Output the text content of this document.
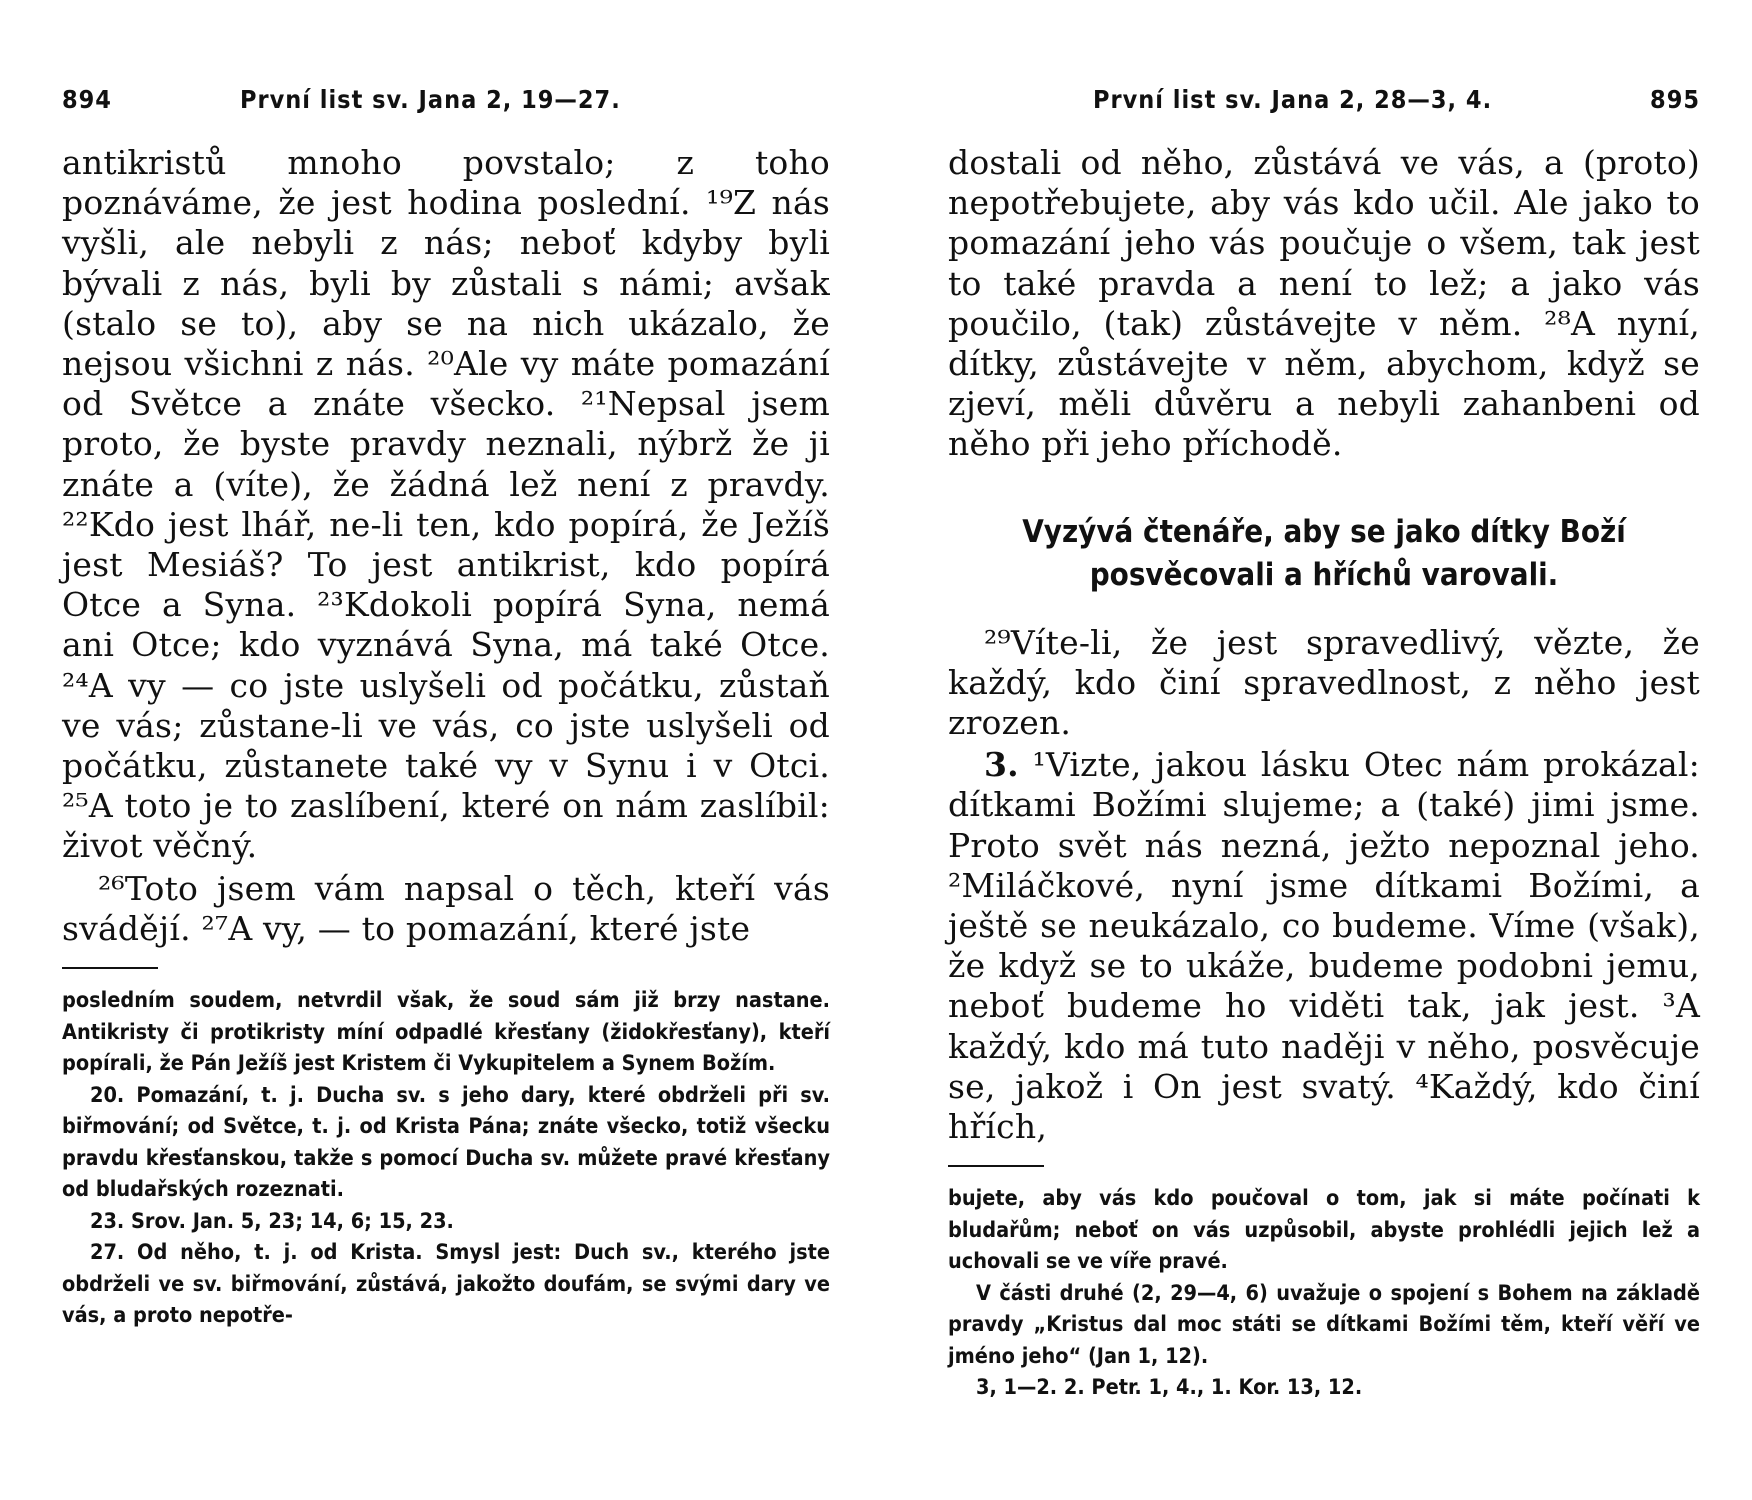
894	První list sv. Jana 2, 19—27.

antikristů mnoho povstalo; z toho poznáváme, že jest hodina poslední. ¹⁹Z nás vyšli, ale nebyli z nás; neboť kdyby byli bývali z nás, byli by zůstali s námi; avšak (stalo se to), aby se na nich ukázalo, že nejsou všichni z nás. ²⁰Ale vy máte pomazání od Světce a znáte všecko. ²¹Nepsal jsem proto, že byste pravdy neznali, nýbrž že ji znáte a (víte), že žádná lež není z pravdy. ²²Kdo jest lhář, ne-li ten, kdo popírá, že Ježíš jest Mesiáš? To jest antikrist, kdo popírá Otce a Syna. ²³Kdokoli popírá Syna, nemá ani Otce; kdo vyznává Syna, má také Otce. ²⁴A vy — co jste uslyšeli od počátku, zůstaň ve vás; zůstane-li ve vás, co jste uslyšeli od počátku, zůstanete také vy v Synu i v Otci. ²⁵A toto je to zaslíbení, které on nám zaslíbil: život věčný.

²⁶Toto jsem vám napsal o těch, kteří vás svádějí. ²⁷A vy, — to pomazání, které jste

posledním soudem, netvrdil však, že soud sám již brzy nastane. Antikristy či protikristy míní odpadlé křesťany (židokřesťany), kteří popírali, že Pán Ježíš jest Kristem či Vykupitelem a Synem Božím.

20. Pomazání, t. j. Ducha sv. s jeho dary, které obdrželi při sv. biřmování; od Světce, t. j. od Krista Pána; znáte všecko, totiž všecku pravdu křesťanskou, takže s pomocí Ducha sv. můžete pravé křesťany od bludařských rozeznati.

23. Srov. Jan. 5, 23; 14, 6; 15, 23.

27. Od něho, t. j. od Krista. Smysl jest: Duch sv., kterého jste obdrželi ve sv. biřmování, zůstává, jakožto doufám, se svými dary ve vás, a proto nepotře-

První list sv. Jana 2, 28—3, 4.	895

dostali od něho, zůstává ve vás, a (proto) nepotřebujete, aby vás kdo učil. Ale jako to pomazání jeho vás poučuje o všem, tak jest to také pravda a není to lež; a jako vás poučilo, (tak) zůstávejte v něm. ²⁸A nyní, dítky, zůstávejte v něm, abychom, když se zjeví, měli důvěru a nebyli zahanbeni od něho při jeho příchodě.

Vyzývá čtenáře, aby se jako dítky Boží posvěcovali a hříchů varovali.

²⁹Víte-li, že jest spravedlivý, vězte, že každý, kdo činí spravedlnost, z něho jest zrozen.

3. ¹Vizte, jakou lásku Otec nám prokázal: dítkami Božími slujeme; a (také) jimi jsme. Proto svět nás nezná, ježto nepoznal jeho. ²Miláčkové, nyní jsme dítkami Božími, a ještě se neukázalo, co budeme. Víme (však), že když se to ukáže, budeme podobni jemu, neboť budeme ho viděti tak, jak jest. ³A každý, kdo má tuto naději v něho, posvěcuje se, jakož i On jest svatý. ⁴Každý, kdo činí hřích,

bujete, aby vás kdo poučoval o tom, jak si máte počínati k bludařům; neboť on vás uzpůsobil, abyste prohlédli jejich lež a uchovali se ve víře pravé.

V části druhé (2, 29—4, 6) uvažuje o spojení s Bohem na základě pravdy „Kristus dal moc státi se dítkami Božími těm, kteří věří ve jméno jeho“ (Jan 1, 12).

3, 1—2. 2. Petr. 1, 4., 1. Kor. 13, 12.
